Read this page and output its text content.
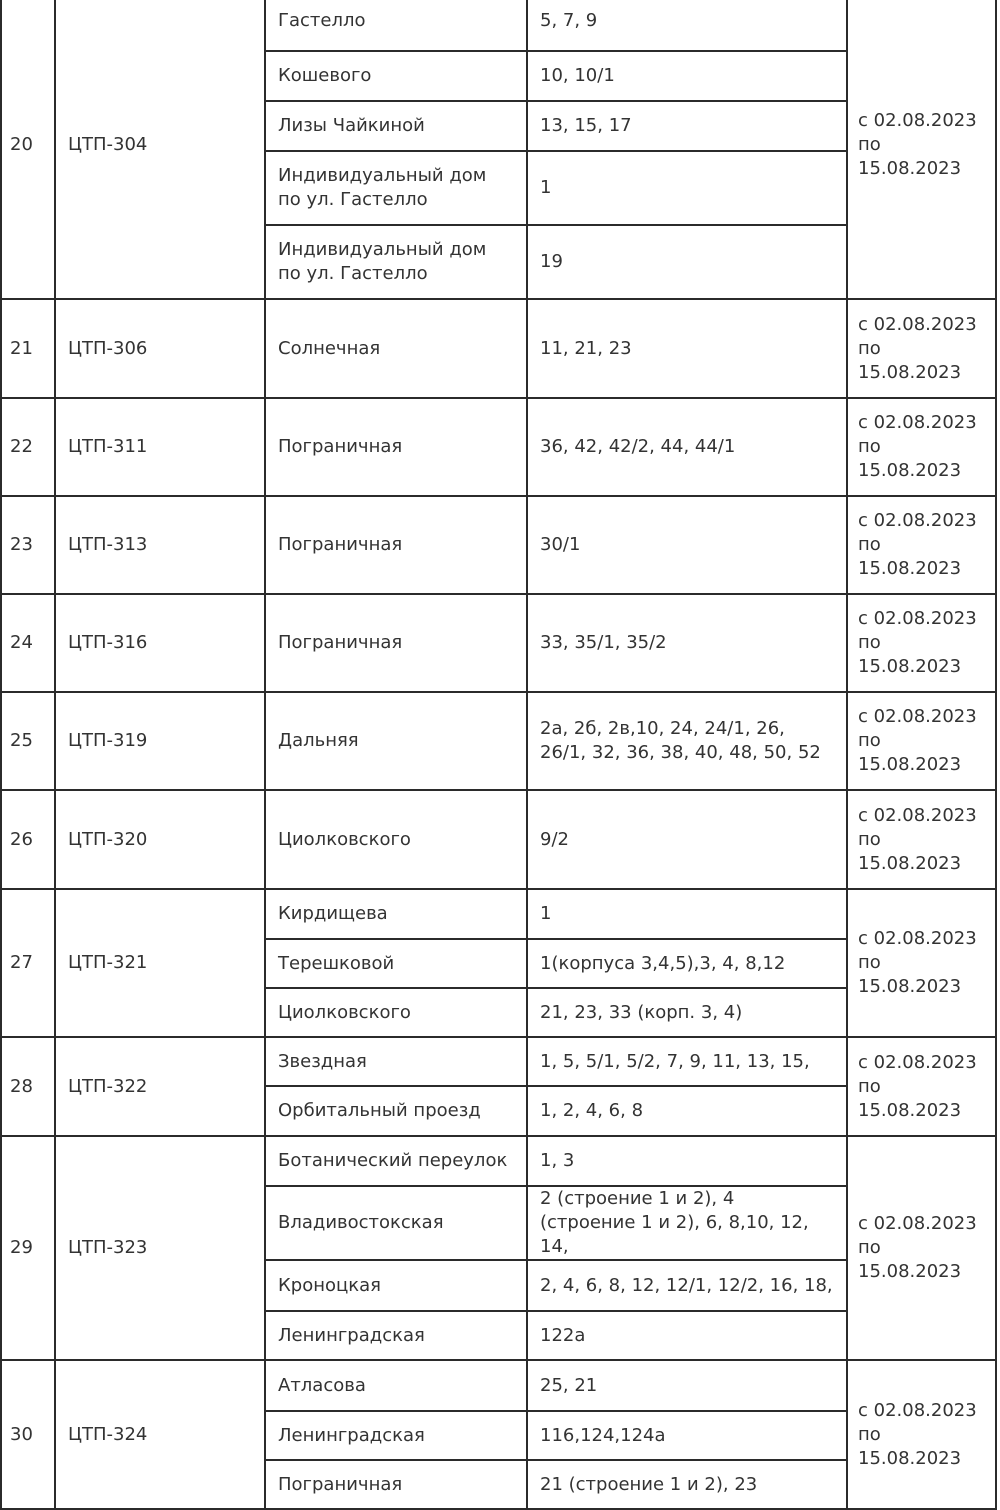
20	ЦТП-304	Гастелло	5, 7, 9	с 02.08.2023 по 15.08.2023
		Кошевого	10, 10/1	
		Лизы Чайкиной	13, 15, 17	
		Индивидуальный дом по ул. Гастелло	1	
		Индивидуальный дом по ул. Гастелло	19	
21	ЦТП-306	Солнечная	11, 21, 23	с 02.08.2023 по 15.08.2023
22	ЦТП-311	Пограничная	36, 42, 42/2, 44, 44/1	с 02.08.2023 по 15.08.2023
23	ЦТП-313	Пограничная	30/1	с 02.08.2023 по 15.08.2023
24	ЦТП-316	Пограничная	33, 35/1, 35/2	с 02.08.2023 по 15.08.2023
25	ЦТП-319	Дальняя	2а, 2б, 2в,10, 24, 24/1, 26, 26/1, 32, 36, 38, 40, 48, 50, 52	с 02.08.2023 по 15.08.2023
26	ЦТП-320	Циолковского	9/2	с 02.08.2023 по 15.08.2023
27	ЦТП-321	Кирдищева	1	с 02.08.2023 по 15.08.2023
		Терешковой	1(корпуса 3,4,5),3, 4, 8,12	
		Циолковского	21, 23, 33 (корп. 3, 4)	
28	ЦТП-322	Звездная	1, 5, 5/1, 5/2, 7, 9, 11, 13, 15,	с 02.08.2023 по 15.08.2023
		Орбитальный проезд	1, 2, 4, 6, 8	
29	ЦТП-323	Ботанический переулок	1, 3	с 02.08.2023 по 15.08.2023
		Владивостокская	2 (строение 1 и 2), 4 (строение 1 и 2), 6, 8,10, 12, 14,	
		Кроноцкая	2, 4, 6, 8, 12, 12/1, 12/2, 16, 18,	
		Ленинградская	122а	
30	ЦТП-324	Атласова	25, 21	с 02.08.2023 по 15.08.2023
		Ленинградская	116,124,124а	
		Пограничная	21 (строение 1 и 2), 23	
